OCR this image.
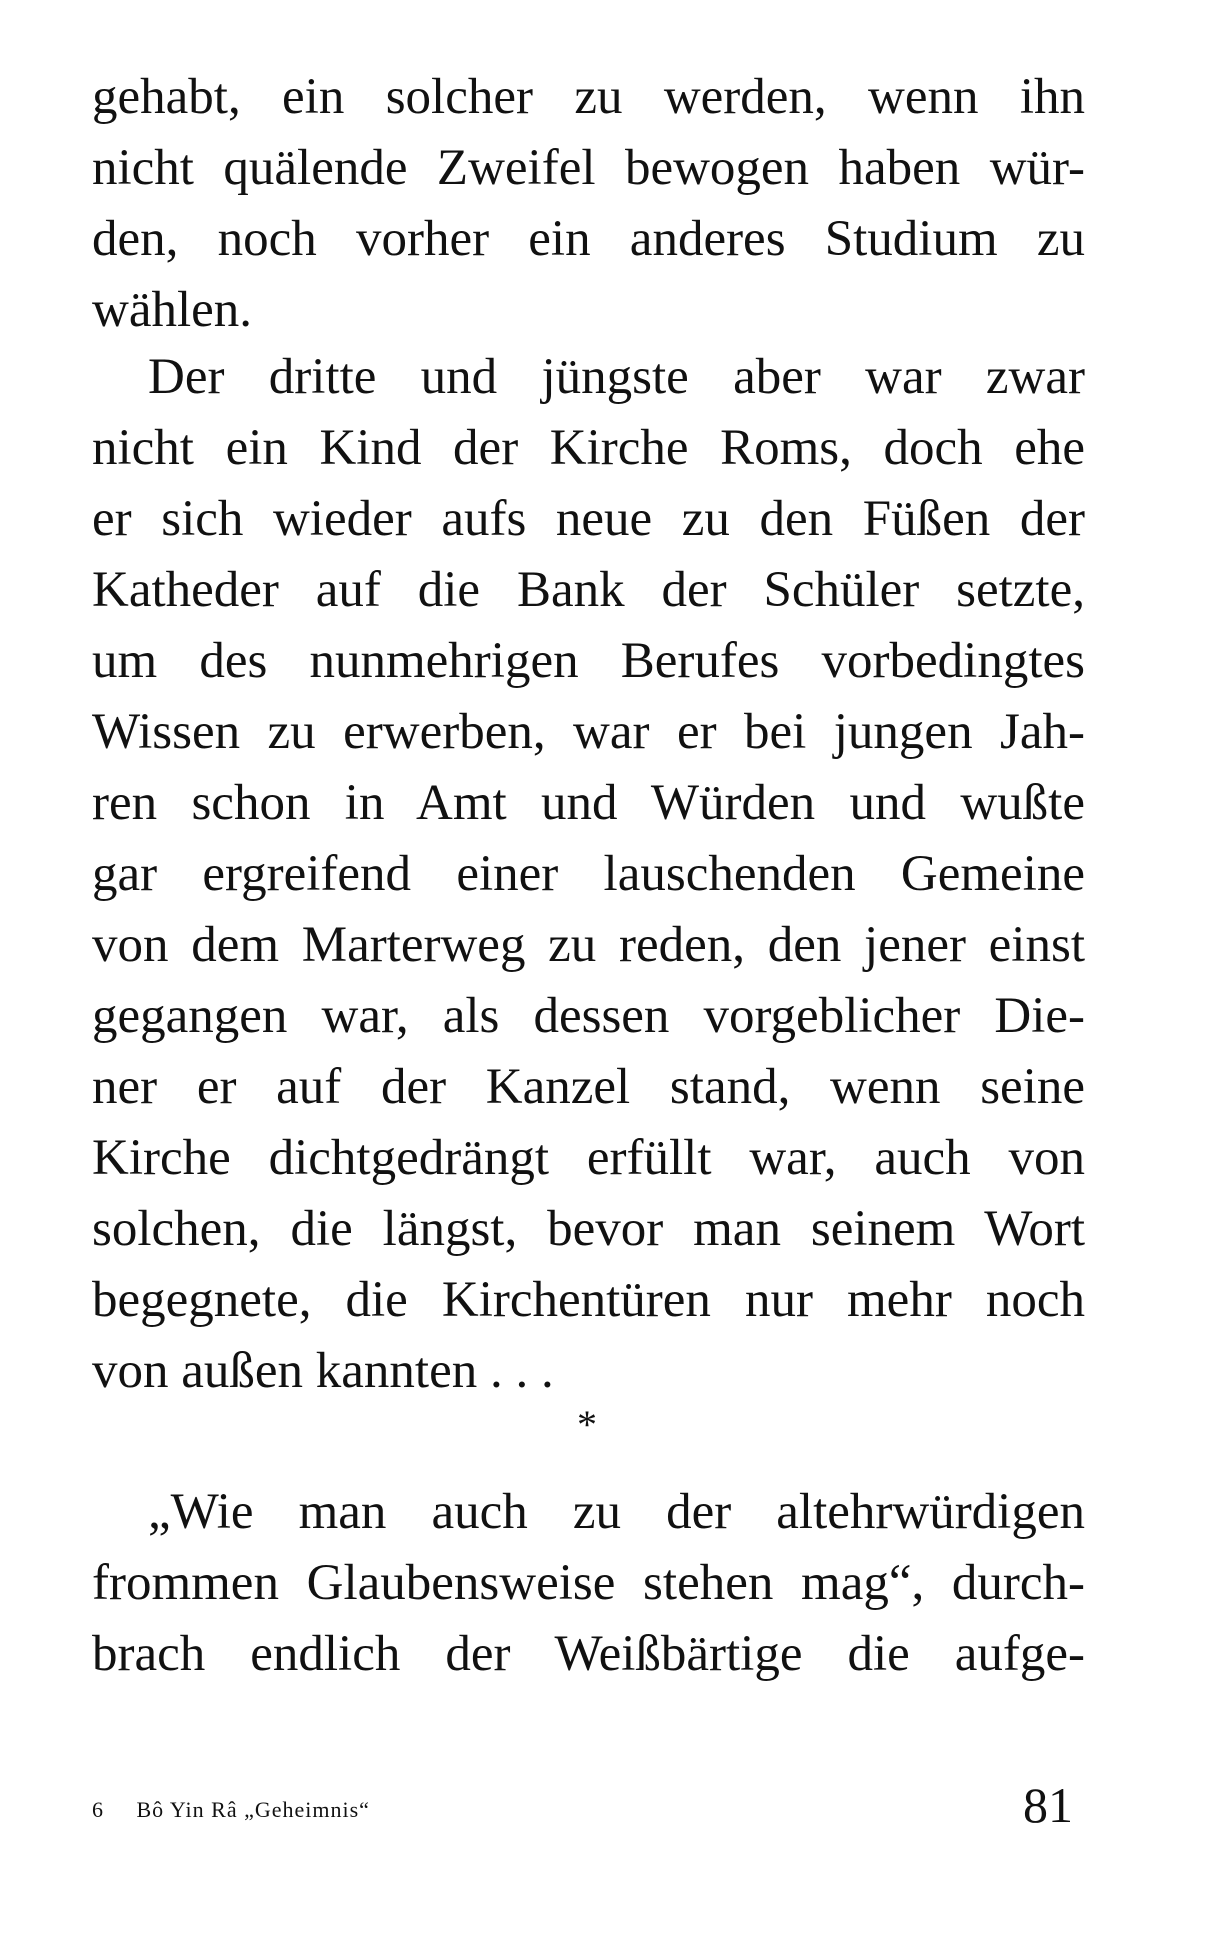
gehabt, ein solcher zu werden, wenn ihn
nicht quälende Zweifel bewogen haben wür-
den, noch vorher ein anderes Studium zu
wählen.
Der dritte und jüngste aber war zwar
nicht ein Kind der Kirche Roms, doch ehe
er sich wieder aufs neue zu den Füßen der
Katheder auf die Bank der Schüler setzte,
um des nunmehrigen Berufes vorbedingtes
Wissen zu erwerben, war er bei jungen Jah-
ren schon in Amt und Würden und wußte
gar ergreifend einer lauschenden Gemeine
von dem Marterweg zu reden, den jener einst
gegangen war, als dessen vorgeblicher Die-
ner er auf der Kanzel stand, wenn seine
Kirche dichtgedrängt erfüllt war, auch von
solchen, die längst, bevor man seinem Wort
begegnete, die Kirchentüren nur mehr noch
von außen kannten . . .
*
„Wie man auch zu der altehrwürdigen
frommen Glaubensweise stehen mag“, durch-
brach endlich der Weißbärtige die aufge-
6 Bô Yin Râ „Geheimnis“	81
